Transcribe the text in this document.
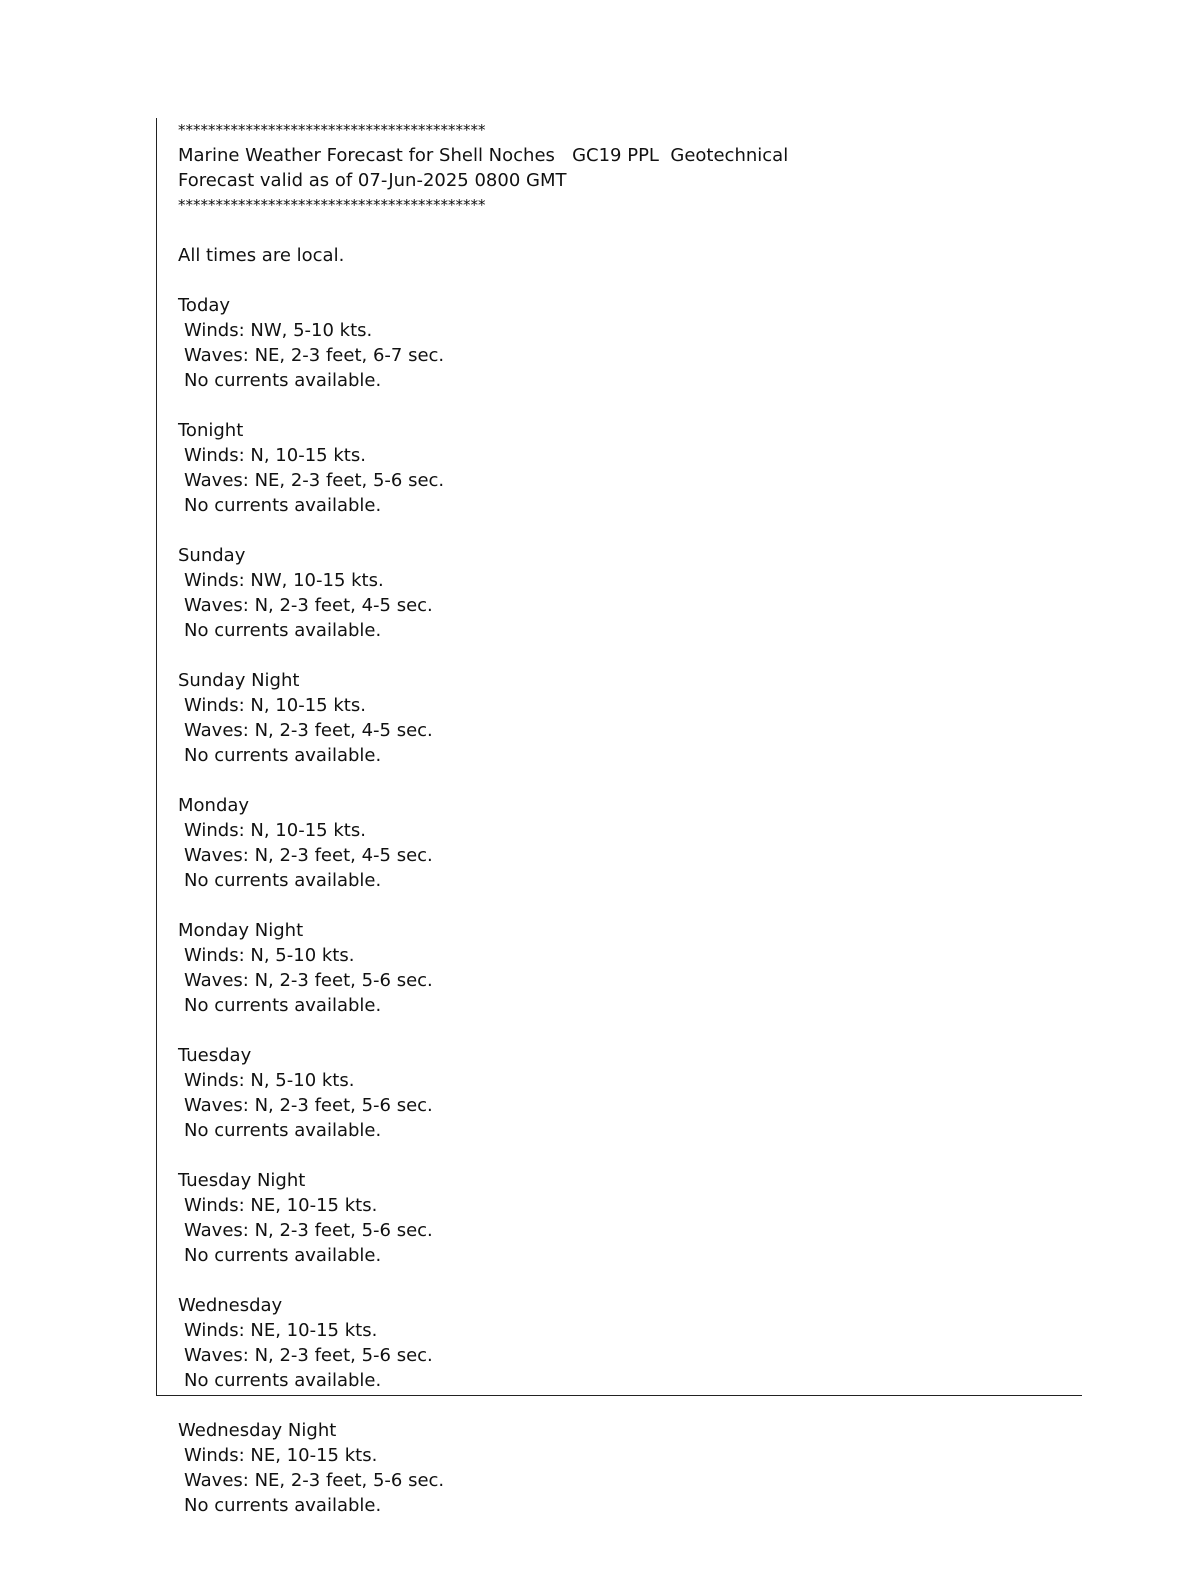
*****************************************
Marine Weather Forecast for Shell Noches   GC19 PPL  Geotechnical
Forecast valid as of 07-Jun-2025 0800 GMT
*****************************************
All times are local.
Today
Winds: NW, 5-10 kts.
Waves: NE, 2-3 feet, 6-7 sec.
No currents available.
Tonight
Winds: N, 10-15 kts.
Waves: NE, 2-3 feet, 5-6 sec.
No currents available.
Sunday
Winds: NW, 10-15 kts.
Waves: N, 2-3 feet, 4-5 sec.
No currents available.
Sunday Night
Winds: N, 10-15 kts.
Waves: N, 2-3 feet, 4-5 sec.
No currents available.
Monday
Winds: N, 10-15 kts.
Waves: N, 2-3 feet, 4-5 sec.
No currents available.
Monday Night
Winds: N, 5-10 kts.
Waves: N, 2-3 feet, 5-6 sec.
No currents available.
Tuesday
Winds: N, 5-10 kts.
Waves: N, 2-3 feet, 5-6 sec.
No currents available.
Tuesday Night
Winds: NE, 10-15 kts.
Waves: N, 2-3 feet, 5-6 sec.
No currents available.
Wednesday
Winds: NE, 10-15 kts.
Waves: N, 2-3 feet, 5-6 sec.
No currents available.
Wednesday Night
Winds: NE, 10-15 kts.
Waves: NE, 2-3 feet, 5-6 sec.
No currents available.
